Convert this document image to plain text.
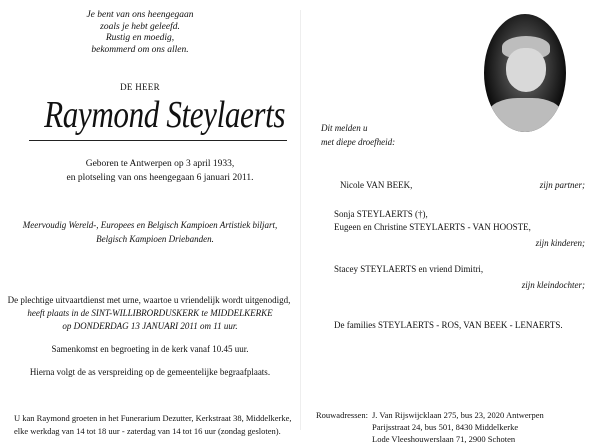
Je bent van ons heengegaan
zoals je hebt geleefd.
Rustig en moedig,
bekommerd om ons allen.
DE HEER
Raymond Steylaerts
Geboren te Antwerpen op 3 april 1933,
en plotseling van ons heengegaan 6 januari 2011.
Meervoudig Wereld-, Europees en Belgisch Kampioen Artistiek biljart,
Belgisch Kampioen Driebanden.
De plechtige uitvaartdienst met urne, waartoe u vriendelijk wordt uitgenodigd,
heeft plaats in de SINT-WILLIBRORDUSKERK te MIDDELKERKE
op DONDERDAG 13 JANUARI 2011 om 11 uur.
Samenkomst en begroeting in de kerk vanaf 10.45 uur.
Hierna volgt de as verspreiding op de gemeentelijke begraafplaats.
U kan Raymond groeten in het Funerarium Dezutter, Kerkstraat 38, Middelkerke,
elke werkdag van 14 tot 18 uur - zaterdag van 14 tot 16 uur (zondag gesloten).
Dit melden u
met diepe droefheid:
Nicole VAN BEEK,	zijn partner;
Sonja STEYLAERTS (†),
Eugeen en Christine STEYLAERTS - VAN HOOSTE,
zijn kinderen;
Stacey STEYLAERTS en vriend Dimitri,
zijn kleindochter;
De families STEYLAERTS - ROS, VAN BEEK - LENAERTS.
Rouwadressen: J. Van Rijswijcklaan 275, bus 23, 2020 Antwerpen
Parijsstraat 24, bus 501, 8430 Middelkerke
Lode Vleeshouwerslaan 71, 2900 Schoten
